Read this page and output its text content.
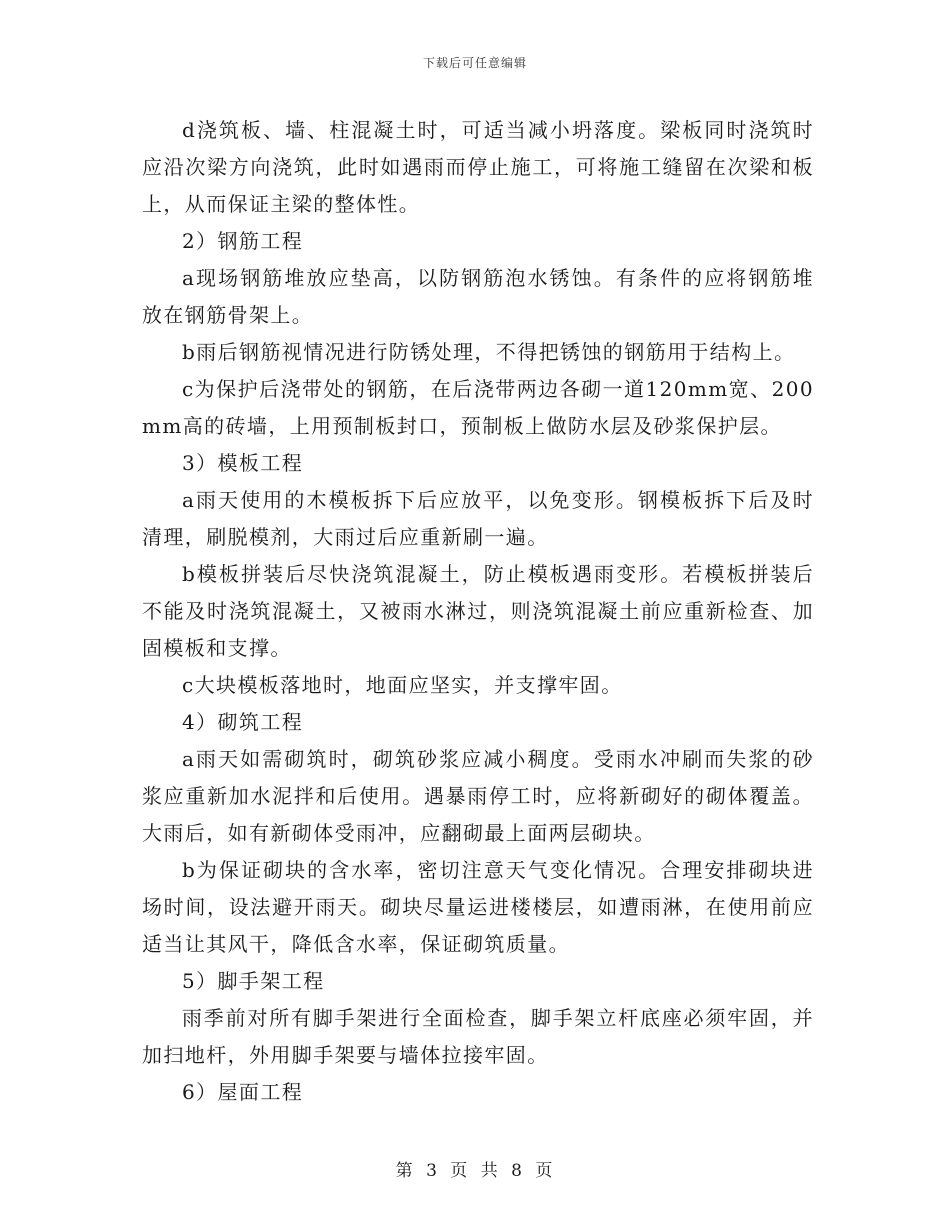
下载后可任意编辑

d浇筑板、墙、柱混凝土时，可适当减小坍落度。梁板同时浇筑时应沿次梁方向浇筑，此时如遇雨而停止施工，可将施工缝留在次梁和板上，从而保证主梁的整体性。

2）钢筋工程

a现场钢筋堆放应垫高，以防钢筋泡水锈蚀。有条件的应将钢筋堆放在钢筋骨架上。

b雨后钢筋视情况进行防锈处理，不得把锈蚀的钢筋用于结构上。

c为保护后浇带处的钢筋，在后浇带两边各砌一道120mm宽、200mm高的砖墙，上用预制板封口，预制板上做防水层及砂浆保护层。

3）模板工程

a雨天使用的木模板拆下后应放平，以免变形。钢模板拆下后及时清理，刷脱模剂，大雨过后应重新刷一遍。

b模板拼装后尽快浇筑混凝土，防止模板遇雨变形。若模板拼装后不能及时浇筑混凝土，又被雨水淋过，则浇筑混凝土前应重新检查、加固模板和支撑。

c大块模板落地时，地面应坚实，并支撑牢固。

4）砌筑工程

a雨天如需砌筑时，砌筑砂浆应减小稠度。受雨水冲刷而失浆的砂浆应重新加水泥拌和后使用。遇暴雨停工时，应将新砌好的砌体覆盖。大雨后，如有新砌体受雨冲，应翻砌最上面两层砌块。

b为保证砌块的含水率，密切注意天气变化情况。合理安排砌块进场时间，设法避开雨天。砌块尽量运进楼楼层，如遭雨淋，在使用前应适当让其风干，降低含水率，保证砌筑质量。

5）脚手架工程

雨季前对所有脚手架进行全面检查，脚手架立杆底座必须牢固，并加扫地杆，外用脚手架要与墙体拉接牢固。

6）屋面工程

第 3 页 共 8 页
